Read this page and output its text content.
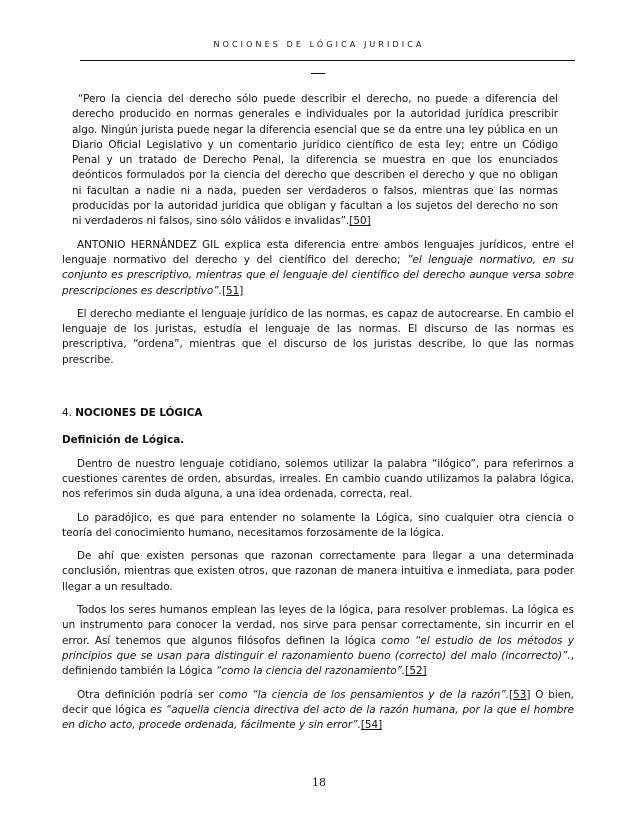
NOCIONES DE LÓGICA JURIDICA

“Pero la ciencia del derecho sólo puede describir el derecho, no puede a diferencia del derecho producido en normas generales e individuales por la autoridad jurídica prescribir algo. Ningún jurista puede negar la diferencia esencial que se da entre una ley pública en un Diario Oficial Legislativo y un comentario jurídico científico de esta ley; entre un Código Penal y un tratado de Derecho Penal, la diferencia se muestra en que los enunciados deónticos formulados por la ciencia del derecho que describen el derecho y que no obligan ni facultan a nadie ni a nada, pueden ser verdaderos o falsos, mientras que las normas producidas por la autoridad jurídica que obligan y facultan a los sujetos del derecho no son ni verdaderos ni falsos, sino sólo válidos e invalidas”.[50]

ANTONIO HERNÁNDEZ GIL explica esta diferencia entre ambos lenguajes jurídicos, entre el lenguaje normativo del derecho y del científico del derecho; ”el lenguaje normativo, en su conjunto es prescriptivo, mientras que el lenguaje del científico del derecho aunque versa sobre prescripciones es descriptivo”.[51]

El derecho mediante el lenguaje jurídico de las normas, es capaz de autocrearse. En cambio el lenguaje de los juristas, estudía el lenguaje de las normas. El discurso de las normas es prescriptiva, “ordena”, mientras que el discurso de los juristas describe, lo que las normas prescribe.

4. NOCIONES DE LÓGICA

Definición de Lógica.

Dentro de nuestro lenguaje cotidiano, solemos utilizar la palabra “ilógico”, para referirnos a cuestiones carentes de orden, absurdas, irreales. En cambio cuando utilizamos la palabra lógica, nos referimos sin duda alguna, a una idea ordenada, correcta, real.

Lo paradójico, es que para entender no solamente la Lógica, sino cualquier otra ciencia o teoría del conocimiento humano, necesitamos forzosamente de la lógica.

De ahí que existen personas que razonan correctamente para llegar a una determinada conclusión, mientras que existen otros, que razonan de manera intuitiva e inmediata, para poder llegar a un resultado.

Todos los seres humanos emplean las leyes de la lógica, para resolver problemas. La lógica es un instrumento para conocer la verdad, nos sirve para pensar correctamente, sin incurrir en el error. Así tenemos que algunos filósofos definen la lógica como “el estudio de los métodos y principios que se usan para distinguir el razonamiento bueno (correcto) del malo (incorrecto)”., definiendo también la Lógica “como la ciencia del razonamiento”.[52]

Otra definición podría ser como “la ciencia de los pensamientos y de la razón”.[53] O bien, decir que lógica es “aquella ciencia directiva del acto de la razón humana, por la que el hombre en dicho acto, procede ordenada, fácilmente y sin error”.[54]

18
